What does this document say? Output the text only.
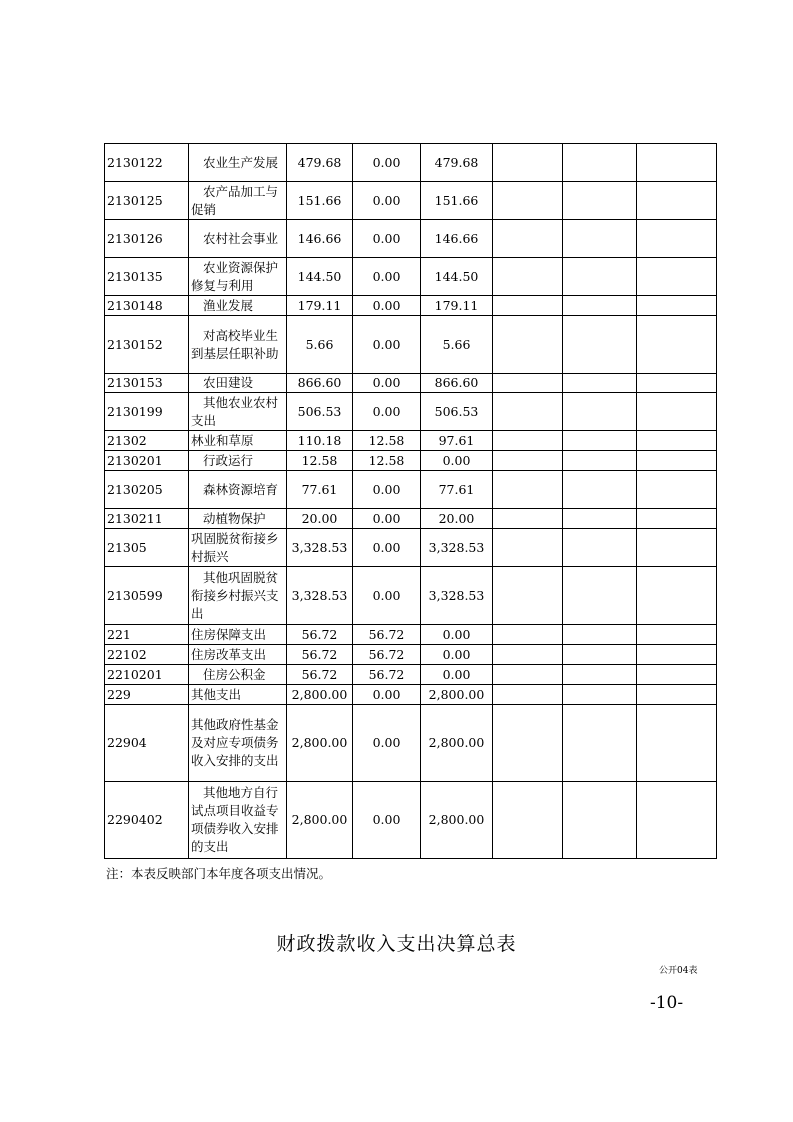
2130122	农业生产发展	479.68	0.00	479.68			
2130125	农产品加工与促销	151.66	0.00	151.66			
2130126	农村社会事业	146.66	0.00	146.66			
2130135	农业资源保护修复与利用	144.50	0.00	144.50			
2130148	渔业发展	179.11	0.00	179.11			
2130152	对高校毕业生到基层任职补助	5.66	0.00	5.66			
2130153	农田建设	866.60	0.00	866.60			
2130199	其他农业农村支出	506.53	0.00	506.53			
21302	林业和草原	110.18	12.58	97.61			
2130201	行政运行	12.58	12.58	0.00			
2130205	森林资源培育	77.61	0.00	77.61			
2130211	动植物保护	20.00	0.00	20.00			
21305	巩固脱贫衔接乡村振兴	3,328.53	0.00	3,328.53			
2130599	其他巩固脱贫衔接乡村振兴支出	3,328.53	0.00	3,328.53			
221	住房保障支出	56.72	56.72	0.00			
22102	住房改革支出	56.72	56.72	0.00			
2210201	住房公积金	56.72	56.72	0.00			
229	其他支出	2,800.00	0.00	2,800.00			
22904	其他政府性基金及对应专项债务收入安排的支出	2,800.00	0.00	2,800.00			
2290402	其他地方自行试点项目收益专项债券收入安排的支出	2,800.00	0.00	2,800.00			
注：本表反映部门本年度各项支出情况。
财政拨款收入支出决算总表
公开04表
-10-
